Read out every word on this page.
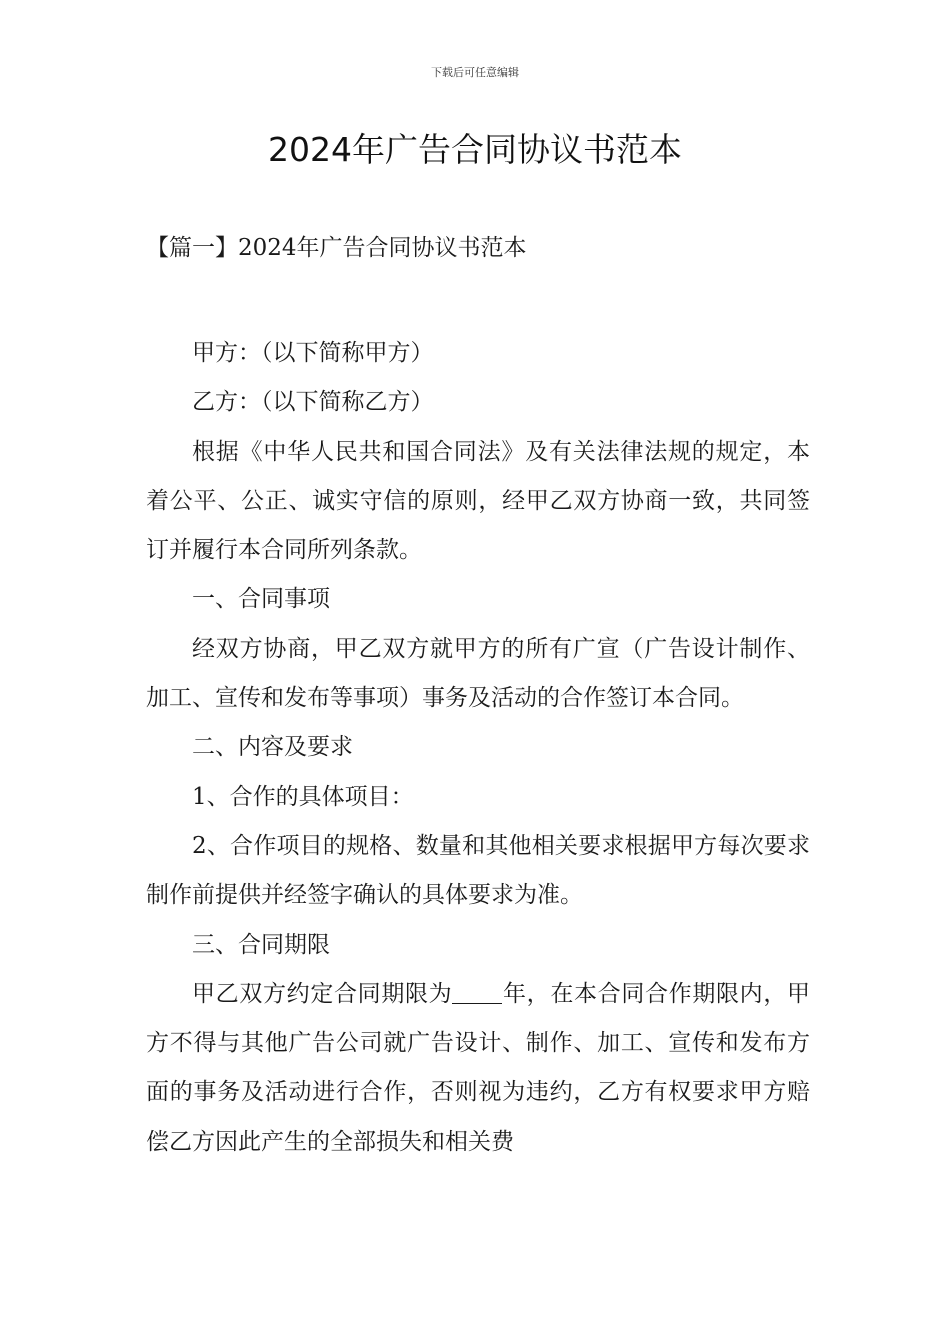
下载后可任意编辑
2024年广告合同协议书范本
【篇一】2024年广告合同协议书范本

甲方：（以下简称甲方）

乙方：（以下简称乙方）

根据《中华人民共和国合同法》及有关法律法规的规定，本着公平、公正、诚实守信的原则，经甲乙双方协商一致，共同签订并履行本合同所列条款。

一、合同事项

经双方协商，甲乙双方就甲方的所有广宣（广告设计制作、加工、宣传和发布等事项）事务及活动的合作签订本合同。

二、内容及要求

1、合作的具体项目：

2、合作项目的规格、数量和其他相关要求根据甲方每次要求制作前提供并经签字确认的具体要求为准。

三、合同期限

甲乙双方约定合同期限为 年，在本合同合作期限内，甲方不得与其他广告公司就广告设计、制作、加工、宣传和发布方面的事务及活动进行合作，否则视为违约，乙方有权要求甲方赔偿乙方因此产生的全部损失和相关费
